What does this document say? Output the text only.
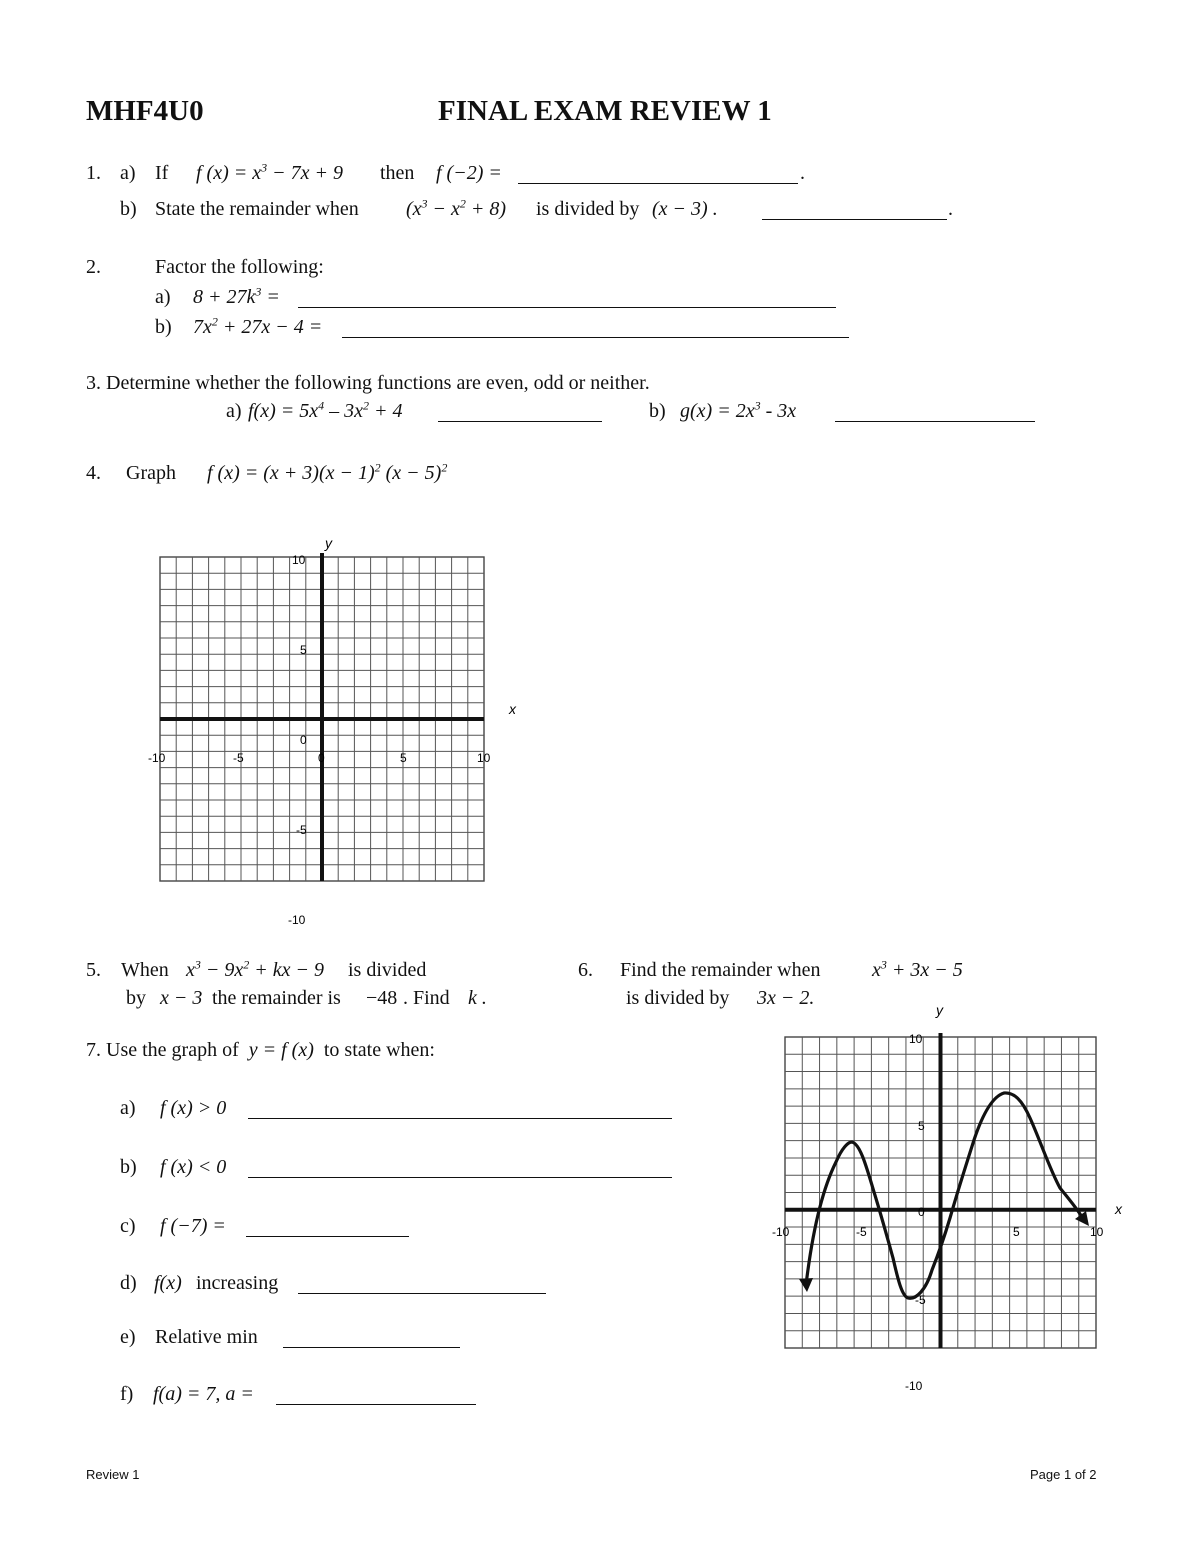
MHF4U0	FINAL EXAM REVIEW 1
1. a) If f $(x) = x^3 - 7x + 9$ then f (−2) =	.
b) State the remainder when $(x^3 - x^2 + 8)$ is divided by (x − 3) .	.
2.	Factor the following:
a) $8 + 27k^3$ =
b) $7x^2 + 27x - 4$ =
3. Determine whether the following functions are even, odd or neither.
a) $f(x) = 5x^4 - 3x^2 + 4$	b) $g(x) = 2x^3 - 3x$
4. Graph f $(x) = (x + 3)(x - 1)^2$ $(x - 5)^2$
y
x
10
5
0
-5
-10
-10	-5	0	5	10
5. When $x^3 - 9x^2$ + kx − 9 is divided
by x − 3 the remainder is −48 . Find k .
6. Find the remainder when	$x^3 + 3x - 5$
is divided by 3x − 2.
7. Use the graph of y = f (x) to state when:
a) f (x) > 0
b) f (x) < 0
c) f (−7) =
d) f(x) increasing
e) Relative min
f) f(a) = 7, a =
y
x
10
5
0
-5
-10
-10	-5	5	10
Review 1	Page 1 of 2
